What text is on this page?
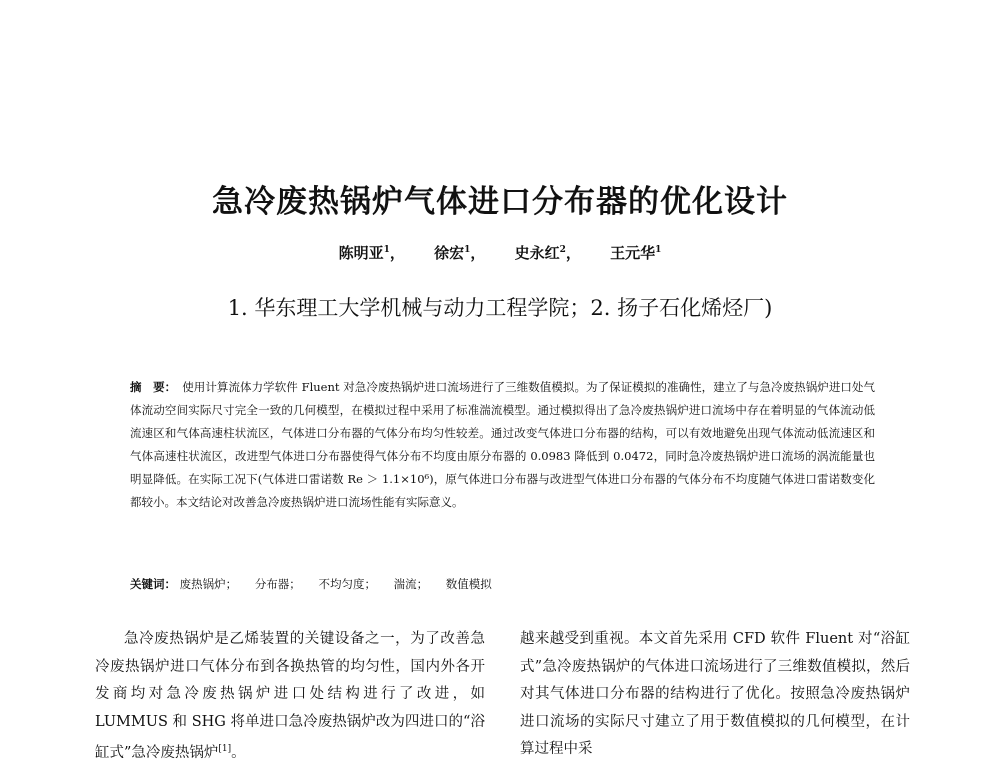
急冷废热锅炉气体进口分布器的优化设计
陈明亚$^1$， 徐宏$^1$， 史永红$^2$， 王元华$^1$
1. 华东理工大学机械与动力工程学院；2. 扬子石化烯烃厂)
摘　要： 使用计算流体力学软件 Fluent 对急冷废热锅炉进口流场进行了三维数值模拟。为了保证模拟的准确性，建立了与急冷废热锅炉进口处气体流动空间实际尺寸完全一致的几何模型，在模拟过程中采用了标准湍流模型。通过模拟得出了急冷废热锅炉进口流场中存在着明显的气体流动低流速区和气体高速柱状流区，气体进口分布器的气体分布均匀性较差。通过改变气体进口分布器的结构，可以有效地避免出现气体流动低流速区和气体高速柱状流区，改进型气体进口分布器使得气体分布不均度由原分布器的 0.0983 降低到 0.0472，同时急冷废热锅炉进口流场的涡流能量也明显降低。在实际工况下(气体进口雷诺数 Re ＞ 1.1×10⁶)，原气体进口分布器与改进型气体进口分布器的气体分布不均度随气体进口雷诺数变化都较小。本文结论对改善急冷废热锅炉进口流场性能有实际意义。
关键词： 废热锅炉； 分布器； 不均匀度； 湍流； 数值模拟

急冷废热锅炉是乙烯装置的关键设备之一，为了改善急冷废热锅炉进口气体分布到各换热管的均匀性，国内外各开发商均对急冷废热锅炉进口处结构进行了改进，如 LUMMUS 和 SHG 将单进口急冷废热锅炉改为四进口的“浴缸式”急冷废热锅炉[1]。

越来越受到重视。本文首先采用 CFD 软件 Fluent 对“浴缸式”急冷废热锅炉的气体进口流场进行了三维数值模拟，然后对其气体进口分布器的结构进行了优化。按照急冷废热锅炉进口流场的实际尺寸建立了用于数值模拟的几何模型，在计算过程中采
